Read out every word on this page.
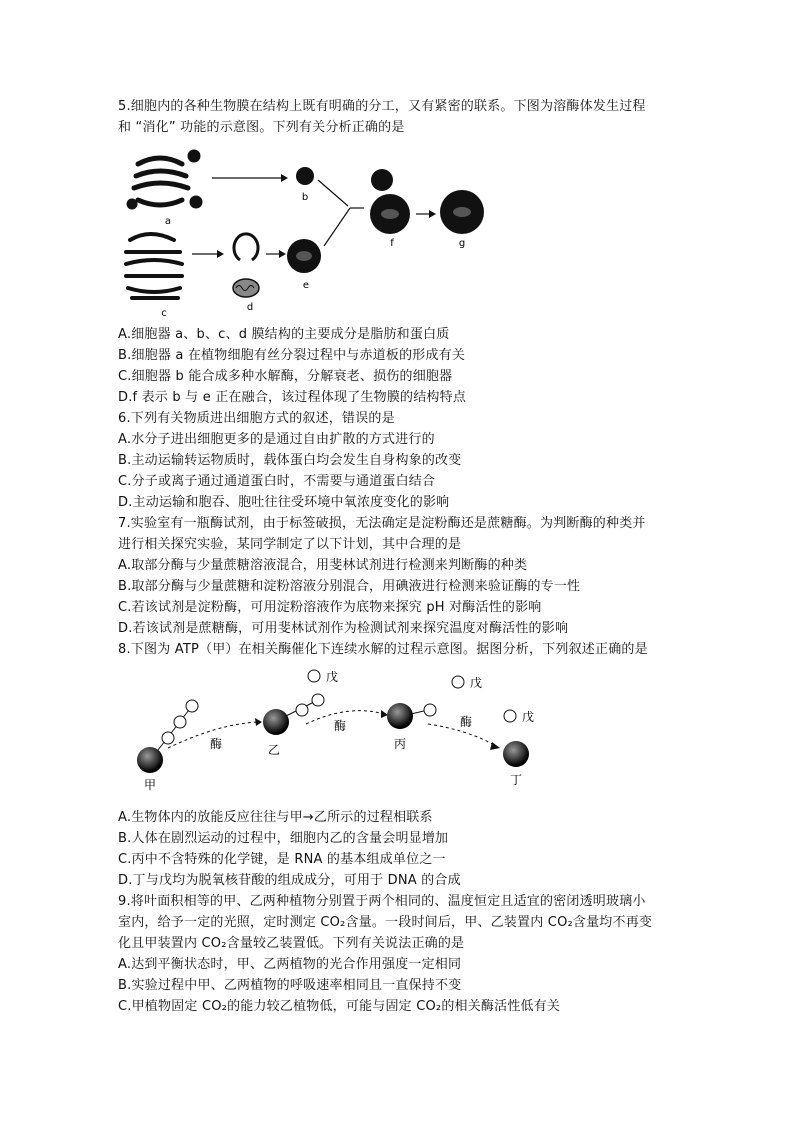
5.细胞内的各种生物膜在结构上既有明确的分工，又有紧密的联系。下图为溶酶体发生过程
和 “消化” 功能的示意图。下列有关分析正确的是
a
b
c
d
e
f	g
A.细胞器 a、b、c、d 膜结构的主要成分是脂肪和蛋白质
B.细胞器 a 在植物细胞有丝分裂过程中与赤道板的形成有关
C.细胞器 b 能合成多种水解酶，分解衰老、损伤的细胞器
D.f 表示 b 与 e 正在融合，该过程体现了生物膜的结构特点
6.下列有关物质进出细胞方式的叙述，错误的是
A.水分子进出细胞更多的是通过自由扩散的方式进行的
B.主动运输转运物质时，载体蛋白均会发生自身构象的改变
C.分子或离子通过通道蛋白时，不需要与通道蛋白结合
D.主动运输和胞吞、胞吐往往受环境中氧浓度变化的影响
7.实验室有一瓶酶试剂，由于标签破损，无法确定是淀粉酶还是蔗糖酶。为判断酶的种类并
进行相关探究实验，某同学制定了以下计划，其中合理的是
A.取部分酶与少量蔗糖溶液混合，用斐林试剂进行检测来判断酶的种类
B.取部分酶与少量蔗糖和淀粉溶液分别混合，用碘液进行检测来验证酶的专一性
C.若该试剂是淀粉酶，可用淀粉溶液作为底物来探究 pH 对酶活性的影响
D.若该试剂是蔗糖酶，可用斐林试剂作为检测试剂来探究温度对酶活性的影响
8.下图为 ATP（甲）在相关酶催化下连续水解的过程示意图。据图分析，下列叙述正确的是
甲
酶	乙
戊
酶
丙
戊
酶	戊
丁
A.生物体内的放能反应往往与甲→乙所示的过程相联系
B.人体在剧烈运动的过程中，细胞内乙的含量会明显增加
C.丙中不含特殊的化学键，是 RNA 的基本组成单位之一
D.丁与戊均为脱氧核苷酸的组成成分，可用于 DNA 的合成
9.将叶面积相等的甲、乙两种植物分别置于两个相同的、温度恒定且适宜的密闭透明玻璃小
室内，给予一定的光照，定时测定 CO₂含量。一段时间后，甲、乙装置内 CO₂含量均不再变
化且甲装置内 CO₂含量较乙装置低。下列有关说法正确的是
A.达到平衡状态时，甲、乙两植物的光合作用强度一定相同
B.实验过程中甲、乙两植物的呼吸速率相同且一直保持不变
C.甲植物固定 CO₂的能力较乙植物低，可能与固定 CO₂的相关酶活性低有关
